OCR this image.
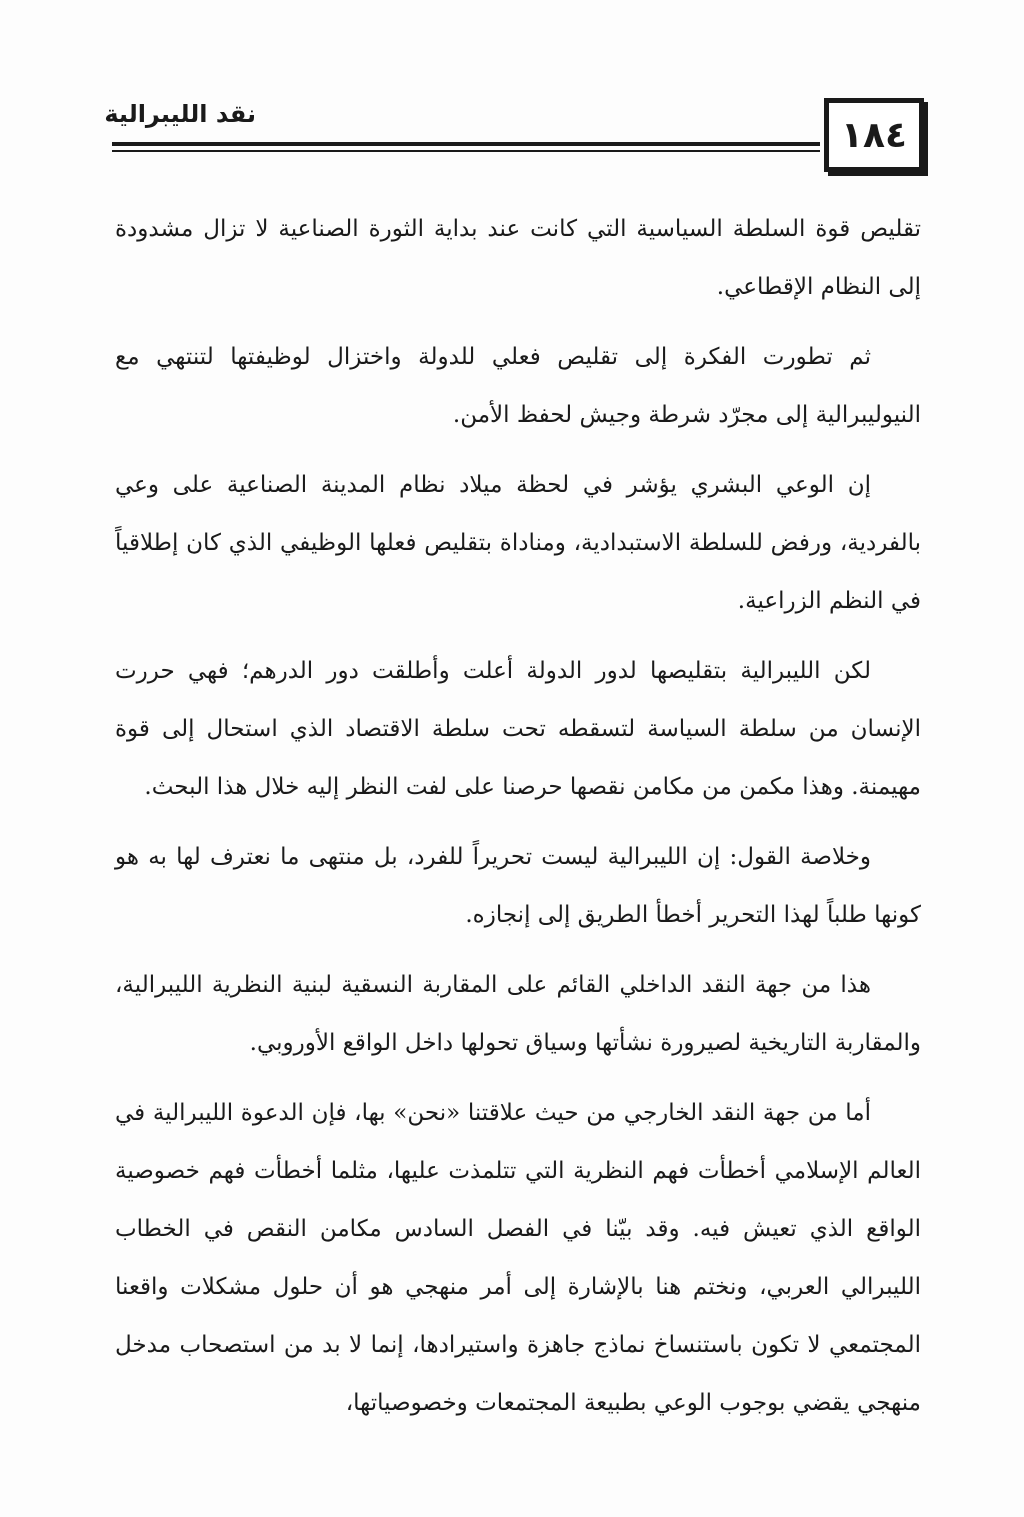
نقد الليبرالية
١٨٤

تقليص قوة السلطة السياسية التي كانت عند بداية الثورة الصناعية لا تزال مشدودة إلى النظام الإقطاعي.

ثم تطورت الفكرة إلى تقليص فعلي للدولة واختزال لوظيفتها لتنتهي مع النيوليبرالية إلى مجرّد شرطة وجيش لحفظ الأمن.

إن الوعي البشري يؤشر في لحظة ميلاد نظام المدينة الصناعية على وعي بالفردية، ورفض للسلطة الاستبدادية، ومناداة بتقليص فعلها الوظيفي الذي كان إطلاقياً في النظم الزراعية.

لكن الليبرالية بتقليصها لدور الدولة أعلت وأطلقت دور الدرهم؛ فهي حررت الإنسان من سلطة السياسة لتسقطه تحت سلطة الاقتصاد الذي استحال إلى قوة مهيمنة. وهذا مكمن من مكامن نقصها حرصنا على لفت النظر إليه خلال هذا البحث.

وخلاصة القول: إن الليبرالية ليست تحريراً للفرد، بل منتهى ما نعترف لها به هو كونها طلباً لهذا التحرير أخطأ الطريق إلى إنجازه.

هذا من جهة النقد الداخلي القائم على المقاربة النسقية لبنية النظرية الليبرالية، والمقاربة التاريخية لصيرورة نشأتها وسياق تحولها داخل الواقع الأوروبي.

أما من جهة النقد الخارجي من حيث علاقتنا «نحن» بها، فإن الدعوة الليبرالية في العالم الإسلامي أخطأت فهم النظرية التي تتلمذت عليها، مثلما أخطأت فهم خصوصية الواقع الذي تعيش فيه. وقد بيّنا في الفصل السادس مكامن النقص في الخطاب الليبرالي العربي، ونختم هنا بالإشارة إلى أمر منهجي هو أن حلول مشكلات واقعنا المجتمعي لا تكون باستنساخ نماذج جاهزة واستيرادها، إنما لا بد من استصحاب مدخل منهجي يقضي بوجوب الوعي بطبيعة المجتمعات وخصوصياتها،
